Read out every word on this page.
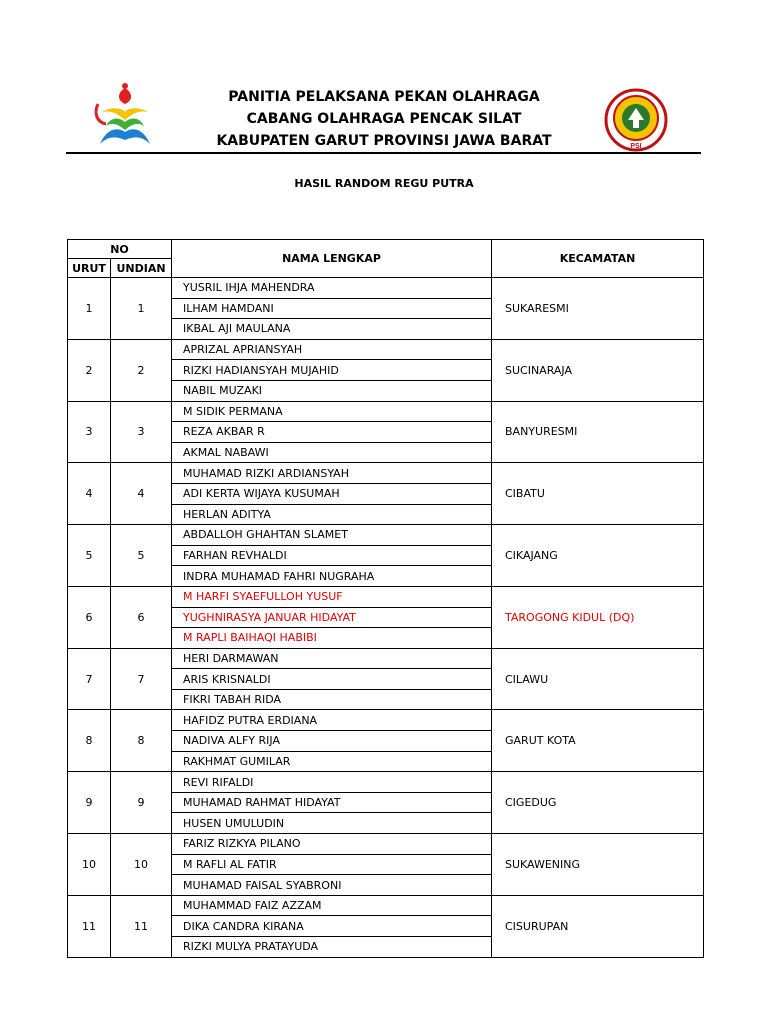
PSI
PANITIA PELAKSANA PEKAN OLAHRAGA
CABANG OLAHRAGA PENCAK SILAT
KABUPATEN GARUT PROVINSI JAWA BARAT
HASIL RANDOM REGU PUTRA
NO		NAMA LENGKAP	KECAMATAN
URUT	UNDIAN		
1	1	YUSRIL IHJA MAHENDRA	SUKARESMI
		ILHAM HAMDANI	
		IKBAL AJI MAULANA	
2	2	APRIZAL APRIANSYAH	SUCINARAJA
		RIZKI HADIANSYAH MUJAHID	
		NABIL MUZAKI	
3	3	M SIDIK PERMANA	BANYURESMI
		REZA AKBAR R	
		AKMAL NABAWI	
4	4	MUHAMAD RIZKI ARDIANSYAH	CIBATU
		ADI KERTA WIJAYA KUSUMAH	
		HERLAN ADITYA	
5	5	ABDALLOH GHAHTAN SLAMET	CIKAJANG
		FARHAN REVHALDI	
		INDRA MUHAMAD FAHRI NUGRAHA	
6	6	M HARFI SYAEFULLOH YUSUF	TAROGONG KIDUL (DQ)
		YUGHNIRASYA JANUAR HIDAYAT	
		M RAPLI BAIHAQI HABIBI	
7	7	HERI DARMAWAN	CILAWU
		ARIS KRISNALDI	
		FIKRI TABAH RIDA	
8	8	HAFIDZ PUTRA ERDIANA	GARUT KOTA
		NADIVA ALFY RIJA	
		RAKHMAT GUMILAR	
9	9	REVI RIFALDI	CIGEDUG
		MUHAMAD RAHMAT HIDAYAT	
		HUSEN UMULUDIN	
10	10	FARIZ RIZKYA PILANO	SUKAWENING
		M RAFLI AL FATIR	
		MUHAMAD FAISAL SYABRONI	
11	11	MUHAMMAD FAIZ AZZAM	CISURUPAN
		DIKA CANDRA KIRANA	
		RIZKI MULYA PRATAYUDA	
